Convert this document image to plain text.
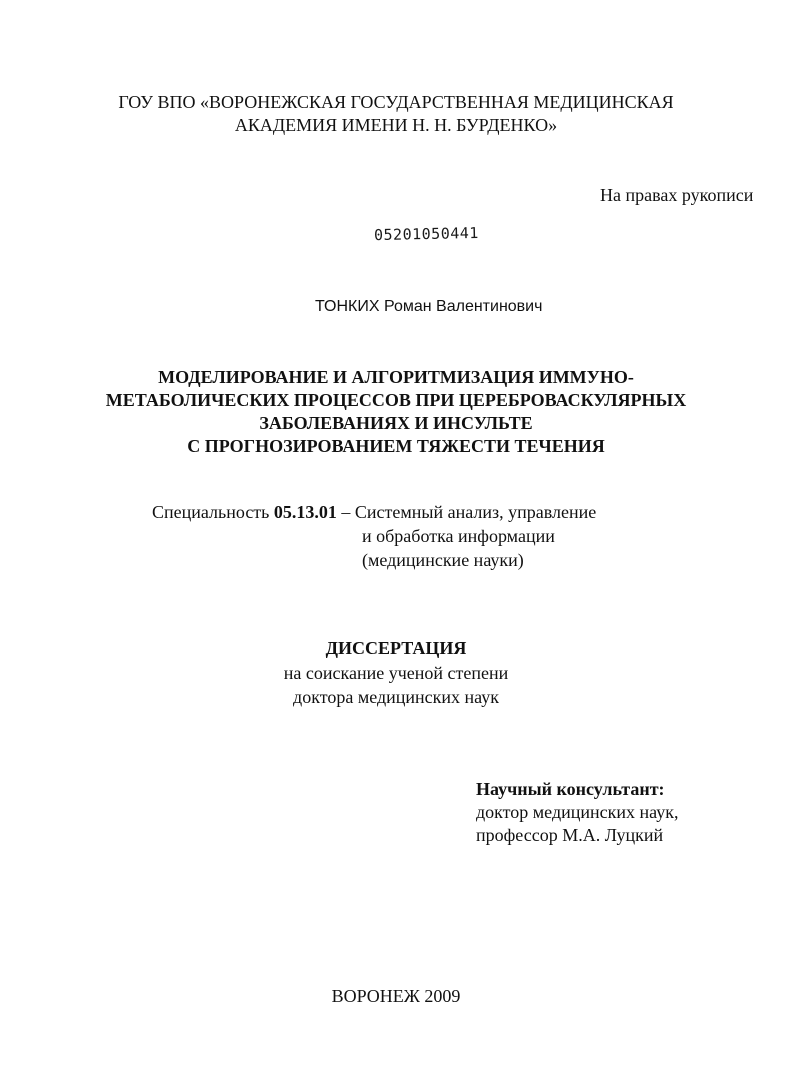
ГОУ ВПО «ВОРОНЕЖСКАЯ ГОСУДАРСТВЕННАЯ МЕДИЦИНСКАЯ
АКАДЕМИЯ ИМЕНИ Н. Н. БУРДЕНКО»
На правах рукописи
05201050441
ТОНКИХ Роман Валентинович
МОДЕЛИРОВАНИЕ И АЛГОРИТМИЗАЦИЯ ИММУНО-
МЕТАБОЛИЧЕСКИХ ПРОЦЕССОВ ПРИ ЦЕРЕБРОВАСКУЛЯРНЫХ
ЗАБОЛЕВАНИЯХ И ИНСУЛЬТЕ
С ПРОГНОЗИРОВАНИЕМ ТЯЖЕСТИ ТЕЧЕНИЯ
Специальность 05.13.01 – Системный анализ, управление
и обработка информации
(медицинские науки)
ДИССЕРТАЦИЯ
на соискание ученой степени
доктора медицинских наук
Научный консультант:
доктор медицинских наук,
профессор М.А. Луцкий
ВОРОНЕЖ 2009
